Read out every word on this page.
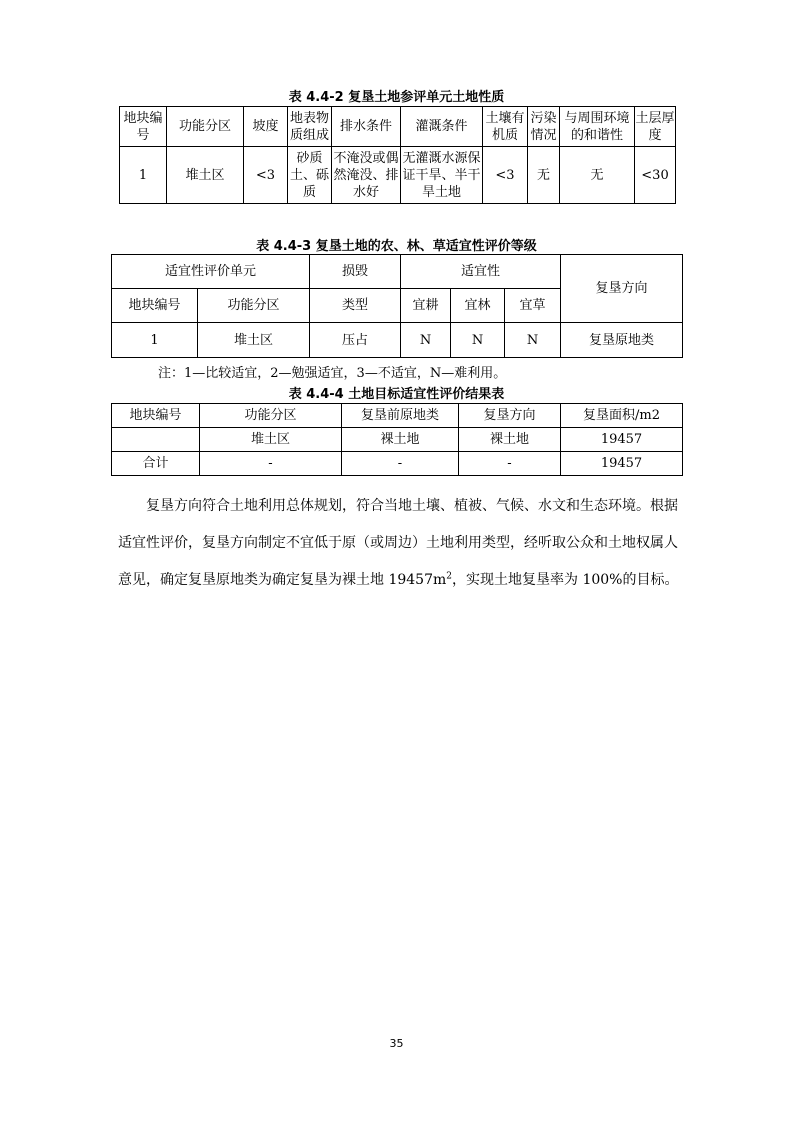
表 4.4-2 复垦土地参评单元土地性质
地块编号	功能分区	坡度	地表物质组成	排水条件	灌溉条件	土壤有机质	污染情况	与周围环境的和谐性	土层厚度
1	堆土区	<3	砂质土、砾质	不淹没或偶然淹没、排水好	无灌溉水源保证干旱、半干旱土地	<3	无	无	<30
表 4.4-3 复垦土地的农、林、草适宜性评价等级
适宜性评价单元		损毁	适宜性			复垦方向
地块编号	功能分区	类型	宜耕	宜林	宜草	
1	堆土区	压占	N	N	N	复垦原地类
注：1—比较适宜，2—勉强适宜，3—不适宜，N—难利用。
表 4.4-4 土地目标适宜性评价结果表
地块编号	功能分区	复垦前原地类	复垦方向	复垦面积/m2
	堆土区	裸土地	裸土地	19457
合计	-	-	-	19457
复垦方向符合土地利用总体规划，符合当地土壤、植被、气候、水文和生态环境。根据适宜性评价，复垦方向制定不宜低于原（或周边）土地利用类型，经听取公众和土地权属人意见，确定复垦原地类为确定复垦为裸土地 $19457m^2$，实现土地复垦率为 100%的目标。
35
